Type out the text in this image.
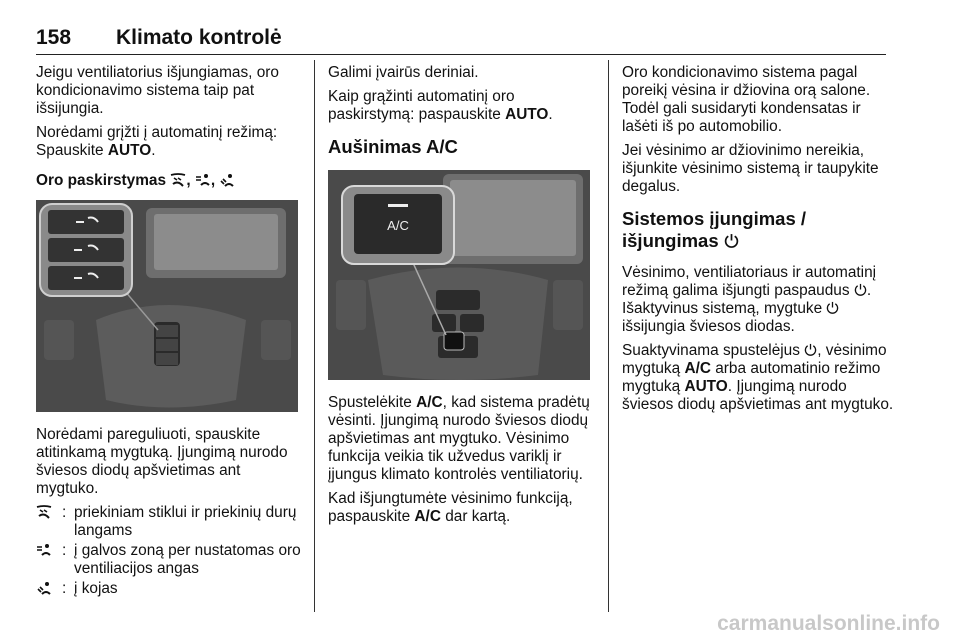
158 Klimato kontrolė

Jeigu ventiliatorius išjungiamas, oro kondicionavimo sistema taip pat išsijungia.

Norėdami grįžti į automatinį režimą:
Spauskite AUTO.

Oro paskirstymas , ,

Norėdami pareguliuoti, spauskite atitinkamą mygtuką. Įjungimą nurodo šviesos diodų apšvietimas ant mygtuko.

: priekiniam stiklui ir priekinių durų langams
: į galvos zoną per nustatomas oro ventiliacijos angas
: į kojas

Galimi įvairūs deriniai.

Kaip grąžinti automatinį oro paskirstymą: paspauskite AUTO.

Aušinimas A/C
A/C

Spustelėkite A/C, kad sistema pradėtų vėsinti. Įjungimą nurodo šviesos diodų apšvietimas ant mygtuko. Vėsinimo funkcija veikia tik užvedus variklį ir įjungus klimato kontrolės ventiliatorių.

Kad išjungtumėte vėsinimo funkciją, paspauskite A/C dar kartą.

Oro kondicionavimo sistema pagal poreikį vėsina ir džiovina orą salone. Todėl gali susidaryti kondensatas ir lašėti iš po automobilio.

Jei vėsinimo ar džiovinimo nereikia, išjunkite vėsinimo sistemą ir taupykite degalus.

Sistemos įjungimas /
išjungimas

Vėsinimo, ventiliatoriaus ir automatinį režimą galima išjungti paspaudus . Išaktyvinus sistemą, mygtuke  išsijungia šviesos diodas.

Suaktyvinama spustelėjus , vėsinimo mygtuką A/C arba automatinio režimo mygtuką AUTO. Įjungimą nurodo šviesos diodų apšvietimas ant mygtuko.

carmanualsonline.info
